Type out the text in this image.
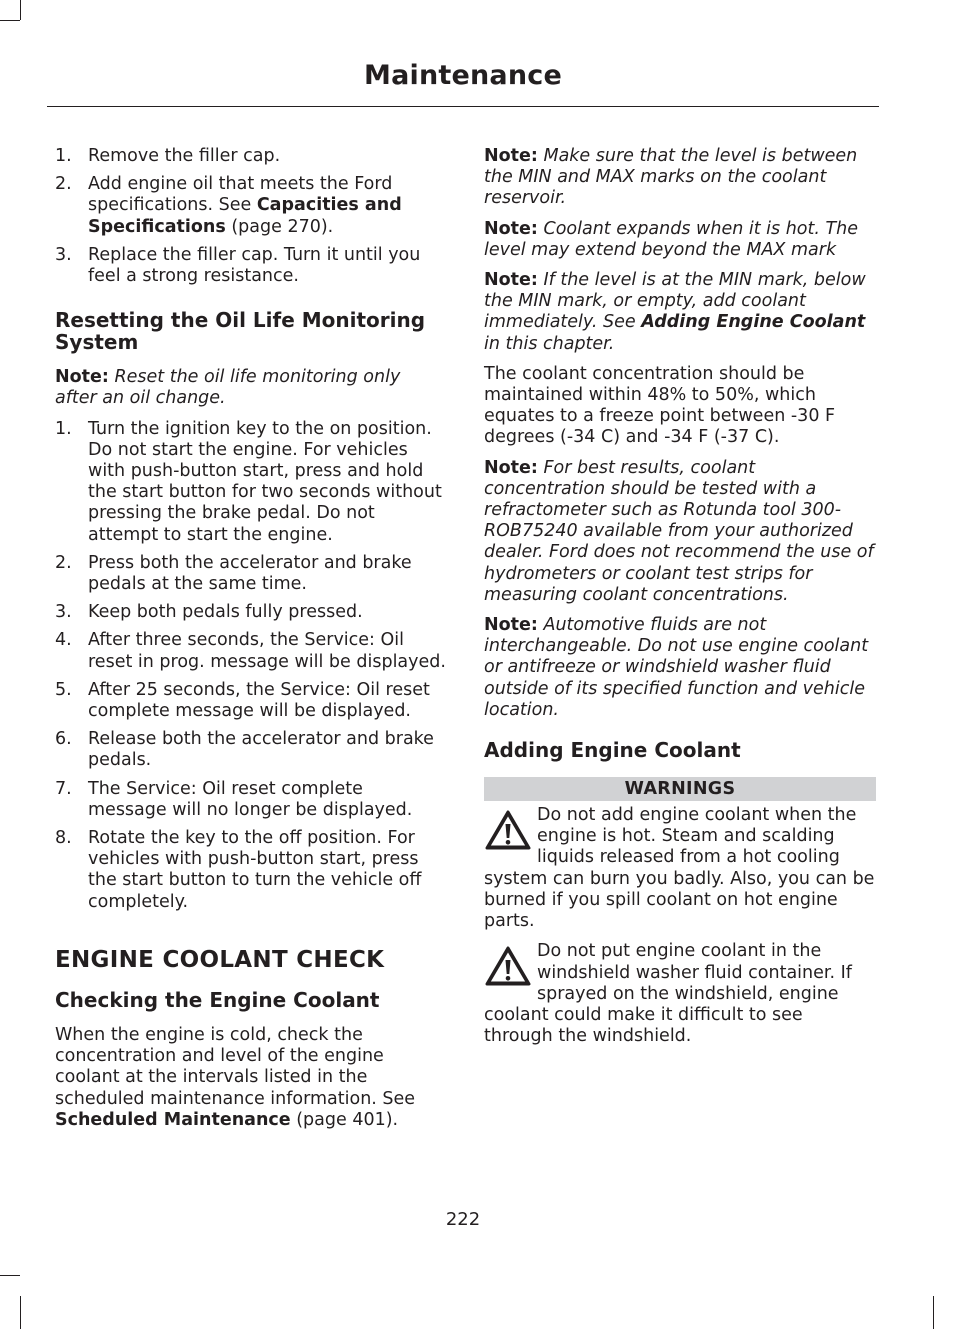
Maintenance
1. Remove the filler cap.
2. Add engine oil that meets the Ford specifications. See Capacities and Specifications (page 270).
3. Replace the filler cap. Turn it until you feel a strong resistance.
Resetting the Oil Life Monitoring System

Note: Reset the oil life monitoring only after an oil change.

1. Turn the ignition key to the on position. Do not start the engine. For vehicles with push-button start, press and hold the start button for two seconds without pressing the brake pedal. Do not attempt to start the engine.
2. Press both the accelerator and brake pedals at the same time.
3. Keep both pedals fully pressed.
4. After three seconds, the Service: Oil reset in prog. message will be displayed.
5. After 25 seconds, the Service: Oil reset complete message will be displayed.
6. Release both the accelerator and brake pedals.
7. The Service: Oil reset complete message will no longer be displayed.
8. Rotate the key to the off position. For vehicles with push-button start, press the start button to turn the vehicle off completely.
ENGINE COOLANT CHECK
Checking the Engine Coolant

When the engine is cold, check the concentration and level of the engine coolant at the intervals listed in the scheduled maintenance information. See Scheduled Maintenance (page 401).

Note: Make sure that the level is between the MIN and MAX marks on the coolant reservoir.

Note: Coolant expands when it is hot. The level may extend beyond the MAX mark

Note: If the level is at the MIN mark, below the MIN mark, or empty, add coolant immediately. See Adding Engine Coolant in this chapter.

The coolant concentration should be maintained within 48% to 50%, which equates to a freeze point between -30 F degrees (-34 C) and -34 F (-37 C).

Note: For best results, coolant concentration should be tested with a refractometer such as Rotunda tool 300-ROB75240 available from your authorized dealer. Ford does not recommend the use of hydrometers or coolant test strips for measuring coolant concentrations.

Note: Automotive fluids are not interchangeable. Do not use engine coolant or antifreeze or windshield washer fluid outside of its specified function and vehicle location.

Adding Engine Coolant
WARNINGS
Do not add engine coolant when the engine is hot. Steam and scalding liquids released from a hot cooling system can burn you badly. Also, you can be burned if you spill coolant on hot engine parts.
Do not put engine coolant in the windshield washer fluid container. If sprayed on the windshield, engine coolant could make it difficult to see through the windshield.
222
